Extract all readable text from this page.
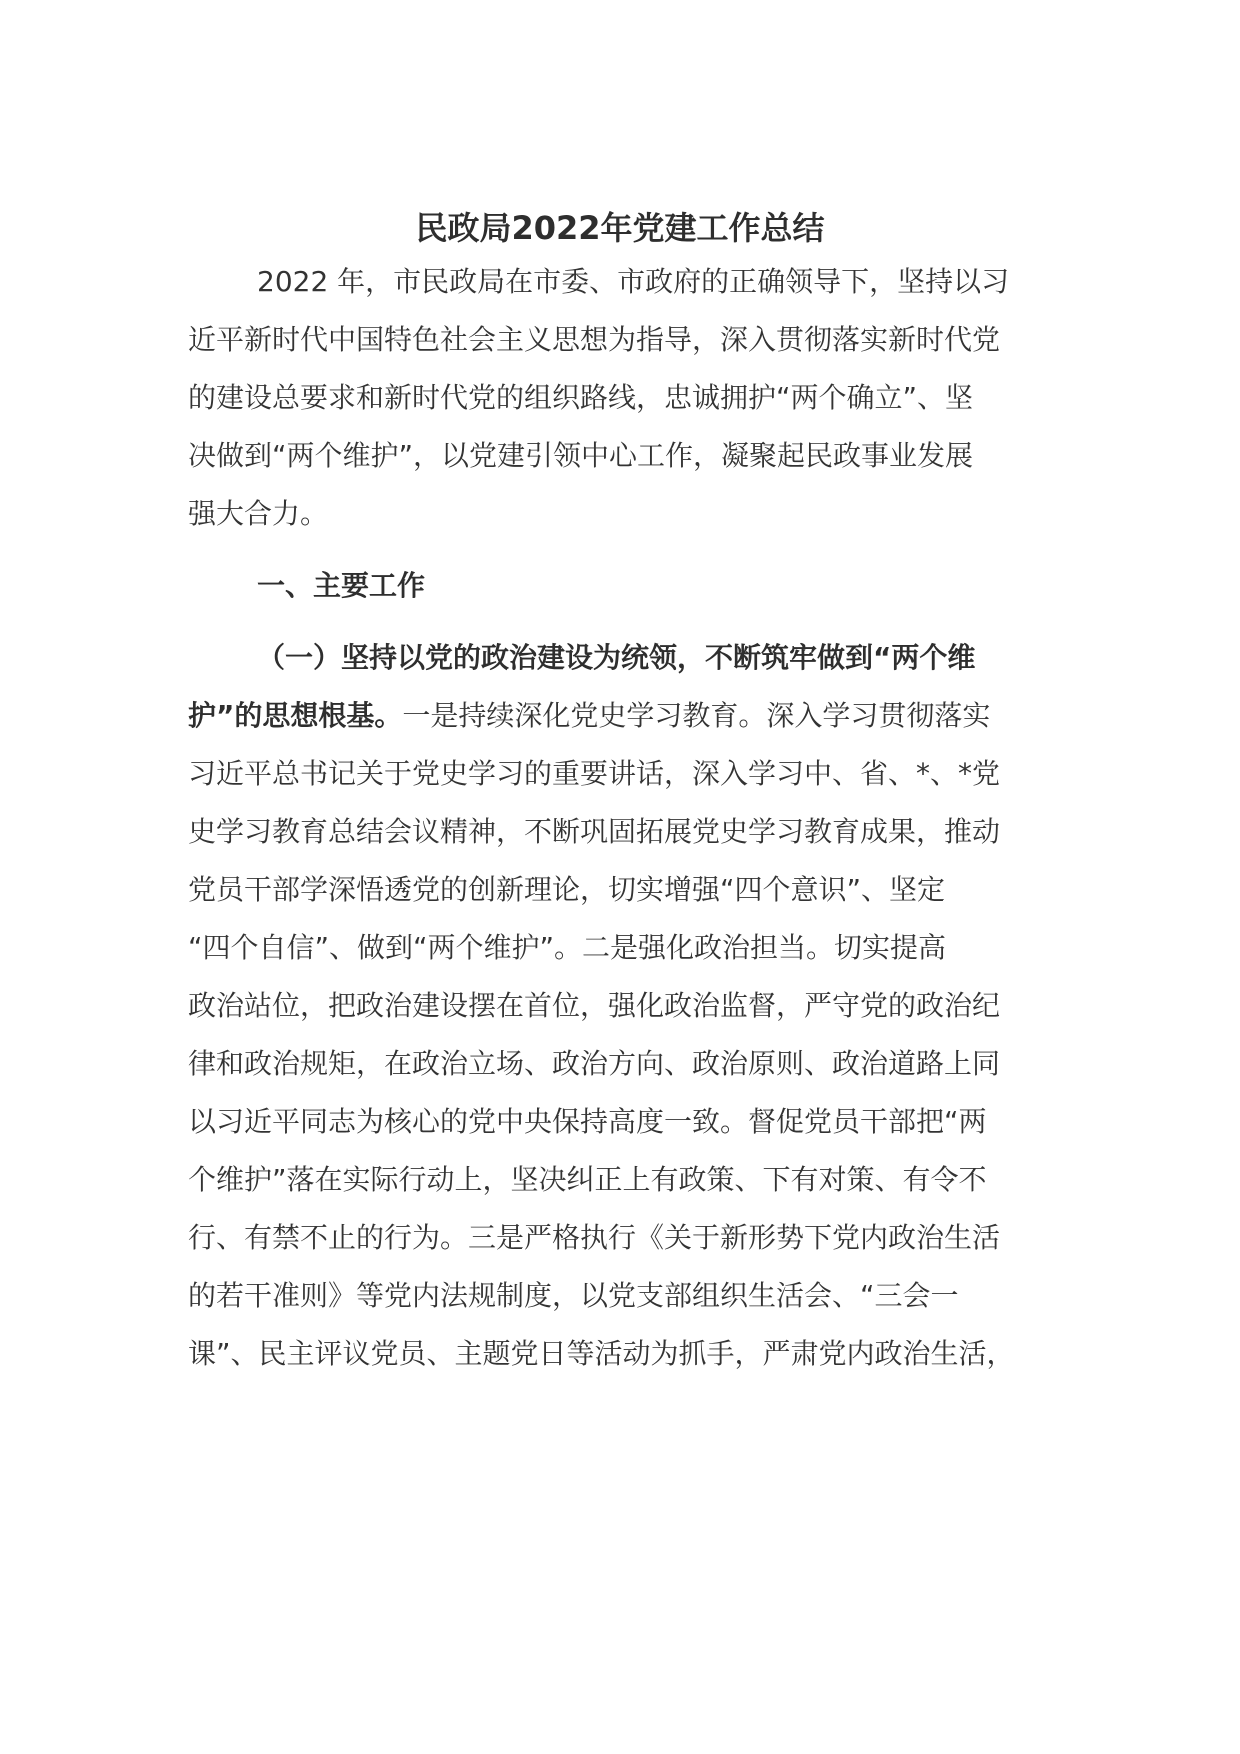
民政局2022年党建工作总结
2022 年，市民政局在市委、市政府的正确领导下，坚持以习
近平新时代中国特色社会主义思想为指导，深入贯彻落实新时代党
的建设总要求和新时代党的组织路线，忠诚拥护“两个确立”、坚
决做到“两个维护”，以党建引领中心工作，凝聚起民政事业发展
强大合力。
一、主要工作
（一）坚持以党的政治建设为统领，不断筑牢做到“两个维
护”的思想根基。一是持续深化党史学习教育。深入学习贯彻落实
习近平总书记关于党史学习的重要讲话，深入学习中、省、*、*党
史学习教育总结会议精神，不断巩固拓展党史学习教育成果，推动
党员干部学深悟透党的创新理论，切实增强“四个意识”、坚定
“四个自信”、做到“两个维护”。二是强化政治担当。切实提高
政治站位，把政治建设摆在首位，强化政治监督，严守党的政治纪
律和政治规矩，在政治立场、政治方向、政治原则、政治道路上同
以习近平同志为核心的党中央保持高度一致。督促党员干部把“两
个维护”落在实际行动上，坚决纠正上有政策、下有对策、有令不
行、有禁不止的行为。三是严格执行《关于新形势下党内政治生活
的若干准则》等党内法规制度，以党支部组织生活会、“三会一
课”、民主评议党员、主题党日等活动为抓手，严肃党内政治生活，
